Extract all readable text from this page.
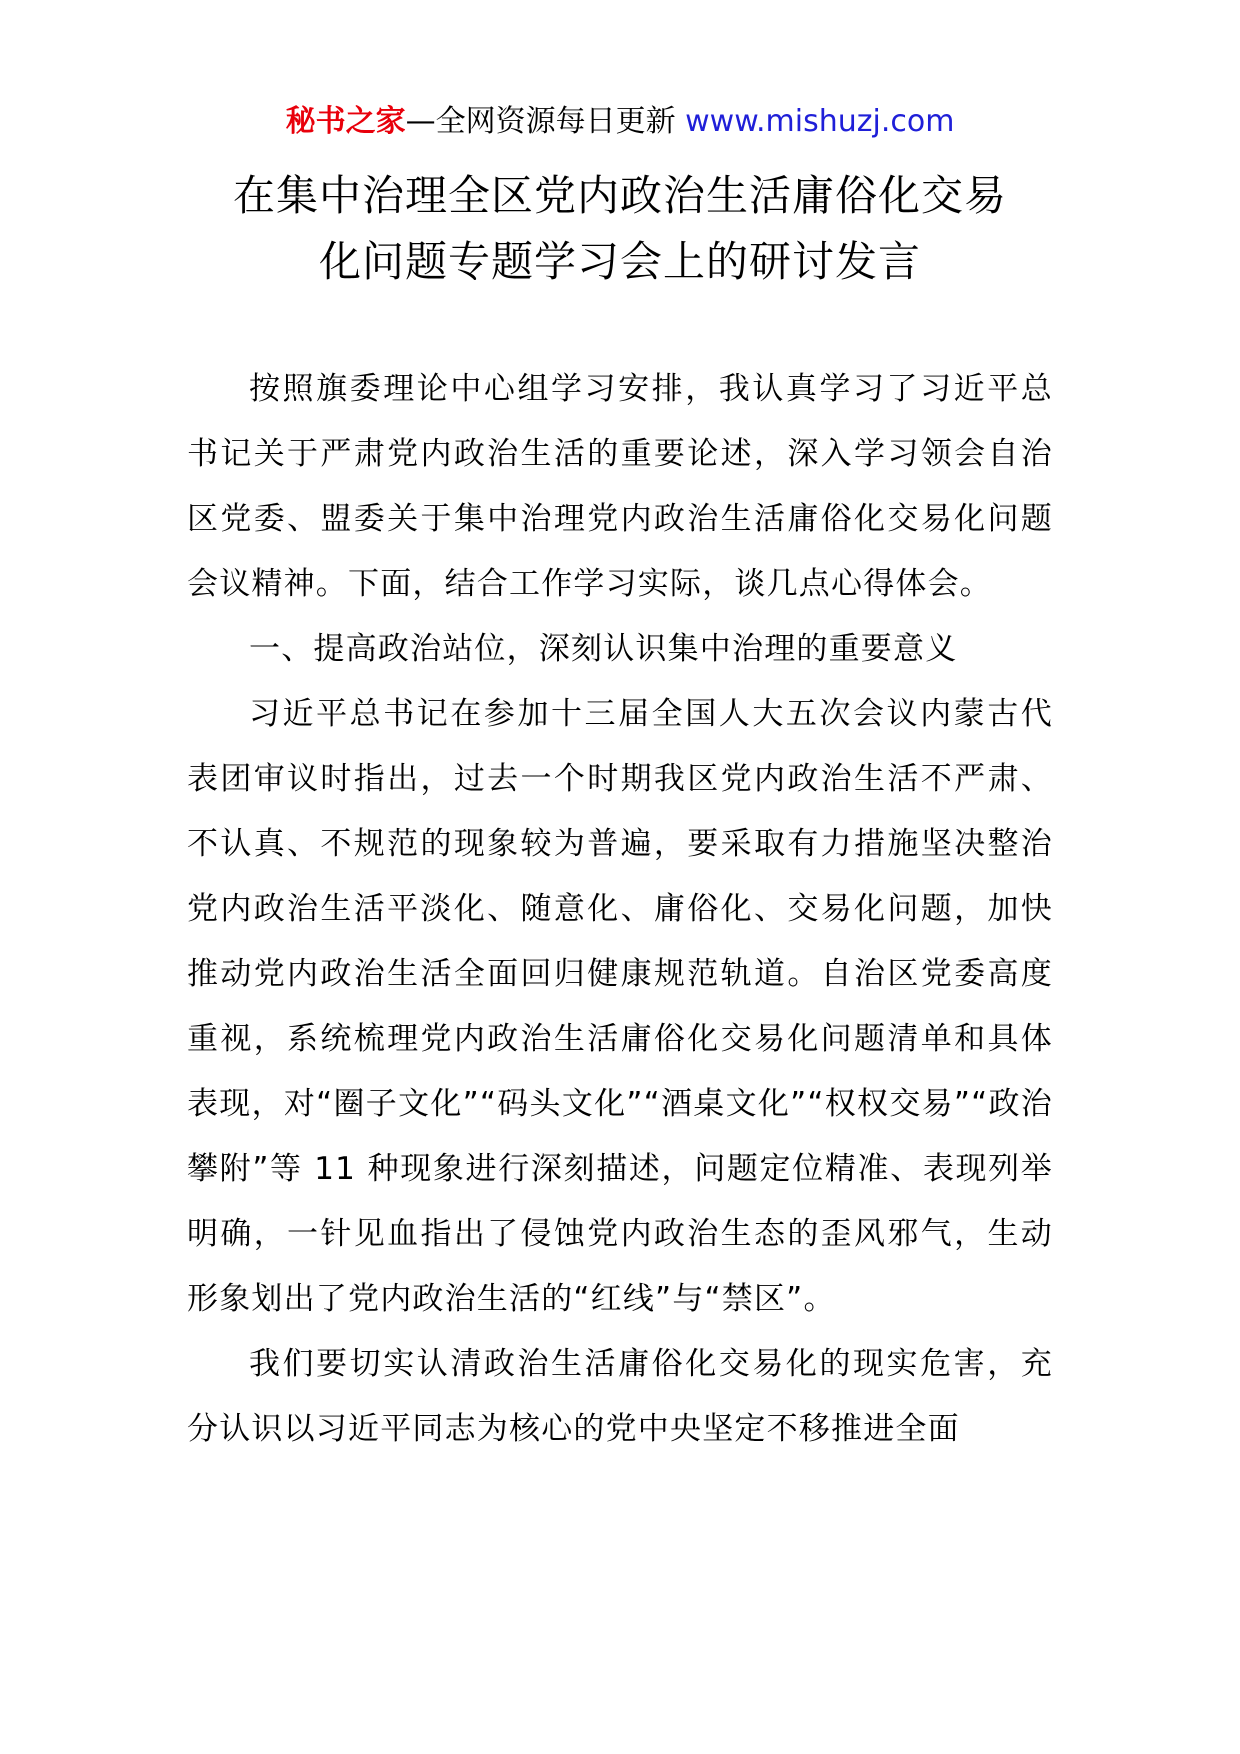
秘书之家—全网资源每日更新 www.mishuzj.com
在集中治理全区党内政治生活庸俗化交易
化问题专题学习会上的研讨发言

按照旗委理论中心组学习安排，我认真学习了习近平总书记关于严肃党内政治生活的重要论述，深入学习领会自治区党委、盟委关于集中治理党内政治生活庸俗化交易化问题会议精神。下面，结合工作学习实际，谈几点心得体会。

一、提高政治站位，深刻认识集中治理的重要意义

习近平总书记在参加十三届全国人大五次会议内蒙古代表团审议时指出，过去一个时期我区党内政治生活不严肃、不认真、不规范的现象较为普遍，要采取有力措施坚决整治党内政治生活平淡化、随意化、庸俗化、交易化问题，加快推动党内政治生活全面回归健康规范轨道。自治区党委高度重视，系统梳理党内政治生活庸俗化交易化问题清单和具体表现，对“圈子文化”“码头文化”“酒桌文化”“权权交易”“政治攀附”等 11 种现象进行深刻描述，问题定位精准、表现列举明确，一针见血指出了侵蚀党内政治生态的歪风邪气，生动形象划出了党内政治生活的“红线”与“禁区”。

我们要切实认清政治生活庸俗化交易化的现实危害，充分认识以习近平同志为核心的党中央坚定不移推进全面
